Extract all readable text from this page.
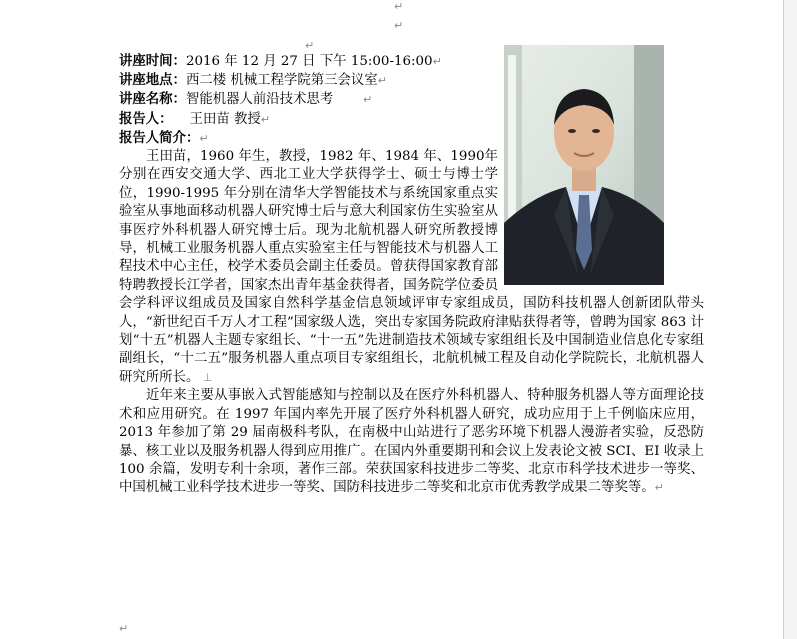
↵
↵
↵
↵
讲座时间：2016 年 12 月 27 日 下午 15:00-16:00↵
讲座地点：西二楼 机械工程学院第三会议室↵
讲座名称：智能机器人前沿技术思考	↵
报告人： 王田苗 教授↵
报告人简介：↵

王田苗，1960 年生，教授，1982 年、1984 年、1990年分别在西安交通大学、西北工业大学获得学士、硕士与博士学位，1990-1995 年分别在清华大学智能技术与系统国家重点实验室从事地面移动机器人研究博士后与意大利国家仿生实验室从事医疗外科机器人研究博士后。现为北航机器人研究所教授博导，机械工业服务机器人重点实验室主任与智能技术与机器人工程技术中心主任，校学术委员会副主任委员。曾获得国家教育部特聘教授长江学者，国家杰出青年基金获得者，国务院学位委员会学科评议组成员及国家自然科学基金信息领域评审专家组成员，国防科技机器人创新团队带头人，“新世纪百千万人才工程”国家级人选，突出专家国务院政府津贴获得者等，曾聘为国家 863 计划“十五”机器人主题专家组长、“十一五”先进制造技术领域专家组组长及中国制造业信息化专家组副组长，“十二五”服务机器人重点项目专家组组长，北航机械工程及自动化学院院长，北航机器人研究所所长。 ⊥

近年来主要从事嵌入式智能感知与控制以及在医疗外科机器人、特种服务机器人等方面理论技术和应用研究。在 1997 年国内率先开展了医疗外科机器人研究，成功应用于上千例临床应用，2013 年参加了第 29 届南极科考队，在南极中山站进行了恶劣环境下机器人漫游者实验，反恐防暴、核工业以及服务机器人得到应用推广。在国内外重要期刊和会议上发表论文被 SCI、EI 收录上 100 余篇，发明专利十余项，著作三部。荣获国家科技进步二等奖、北京市科学技术进步一等奖、中国机械工业科学技术进步一等奖、国防科技进步二等奖和北京市优秀教学成果二等奖等。↵
